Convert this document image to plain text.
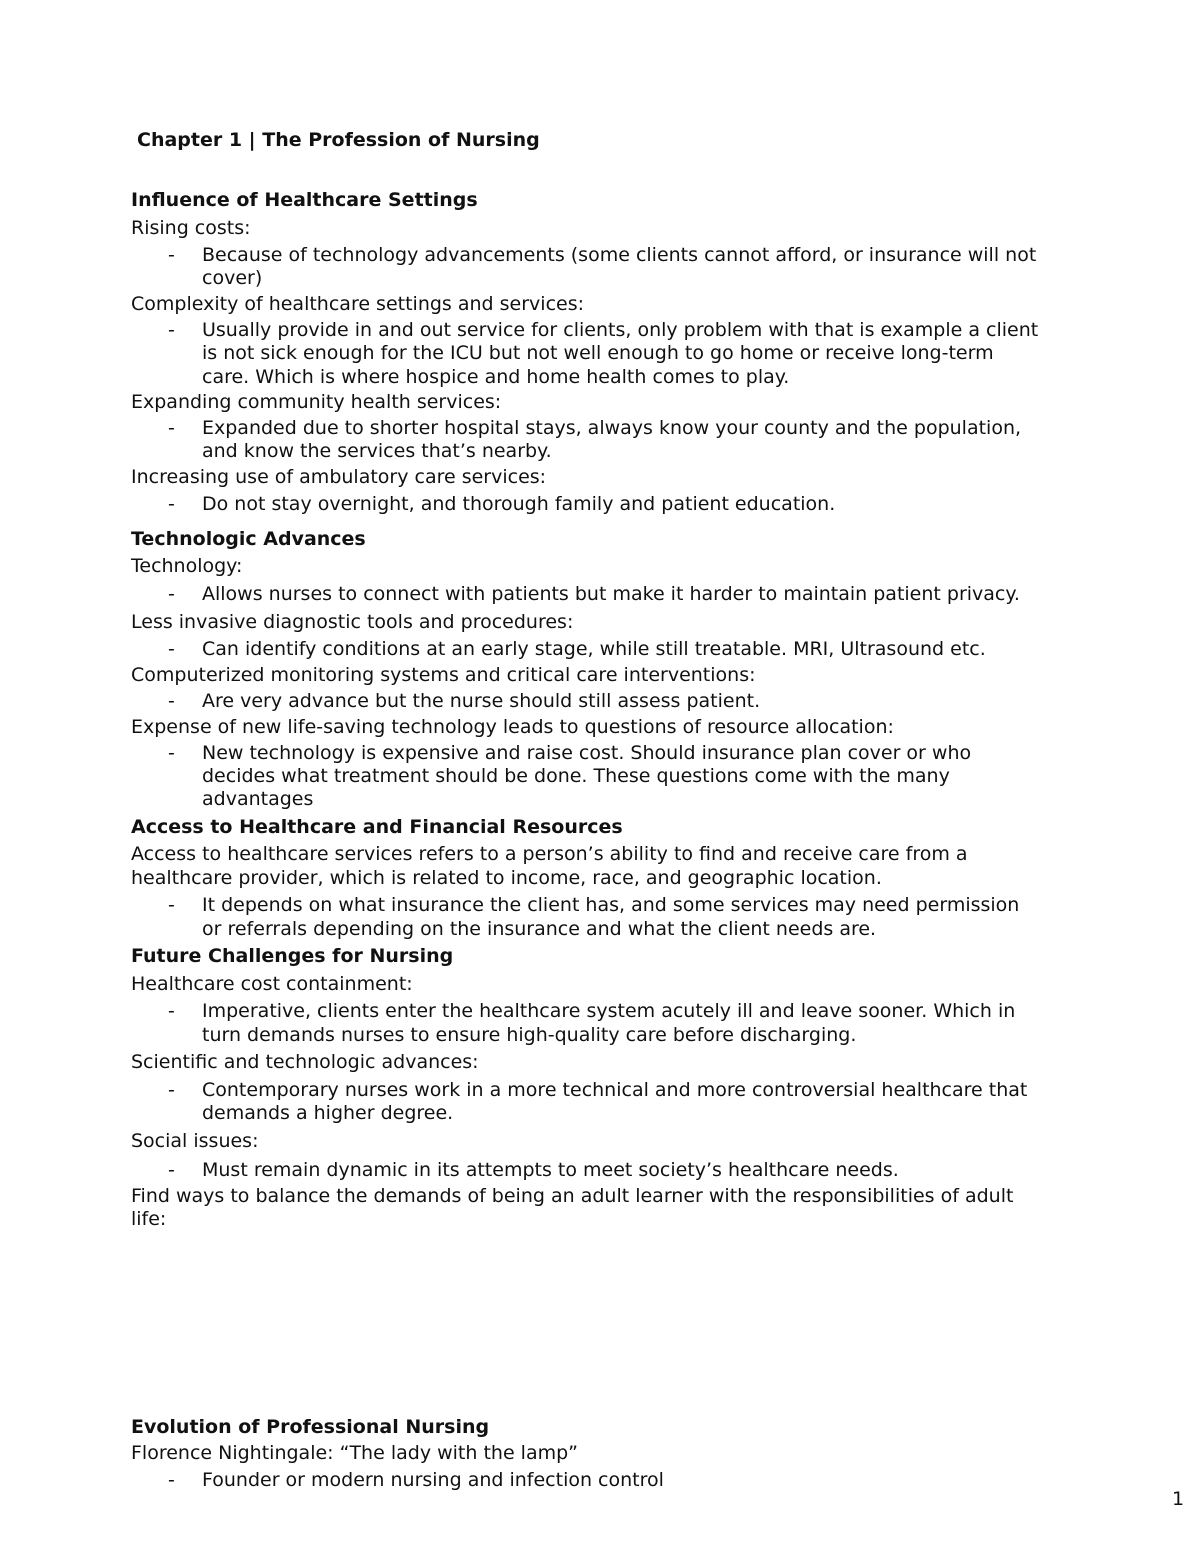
Chapter 1 | The Profession of Nursing
Influence of Healthcare Settings
Rising costs:
- Because of technology advancements (some clients cannot afford, or insurance will not
cover)
Complexity of healthcare settings and services:
- Usually provide in and out service for clients, only problem with that is example a client
is not sick enough for the ICU but not well enough to go home or receive long-term
care. Which is where hospice and home health comes to play.
Expanding community health services:
- Expanded due to shorter hospital stays, always know your county and the population,
and know the services that’s nearby.
Increasing use of ambulatory care services:
- Do not stay overnight, and thorough family and patient education.
Technologic Advances
Technology:
- Allows nurses to connect with patients but make it harder to maintain patient privacy.
Less invasive diagnostic tools and procedures:
- Can identify conditions at an early stage, while still treatable. MRI, Ultrasound etc.
Computerized monitoring systems and critical care interventions:
- Are very advance but the nurse should still assess patient.
Expense of new life-saving technology leads to questions of resource allocation:
- New technology is expensive and raise cost. Should insurance plan cover or who
decides what treatment should be done. These questions come with the many
advantages
Access to Healthcare and Financial Resources
Access to healthcare services refers to a person’s ability to find and receive care from a
healthcare provider, which is related to income, race, and geographic location.
- It depends on what insurance the client has, and some services may need permission
or referrals depending on the insurance and what the client needs are.
Future Challenges for Nursing
Healthcare cost containment:
- Imperative, clients enter the healthcare system acutely ill and leave sooner. Which in
turn demands nurses to ensure high-quality care before discharging.
Scientific and technologic advances:
- Contemporary nurses work in a more technical and more controversial healthcare that
demands a higher degree.
Social issues:
- Must remain dynamic in its attempts to meet society’s healthcare needs.
Find ways to balance the demands of being an adult learner with the responsibilities of adult
life:
Evolution of Professional Nursing
Florence Nightingale: “The lady with the lamp”
- Founder or modern nursing and infection control
1
